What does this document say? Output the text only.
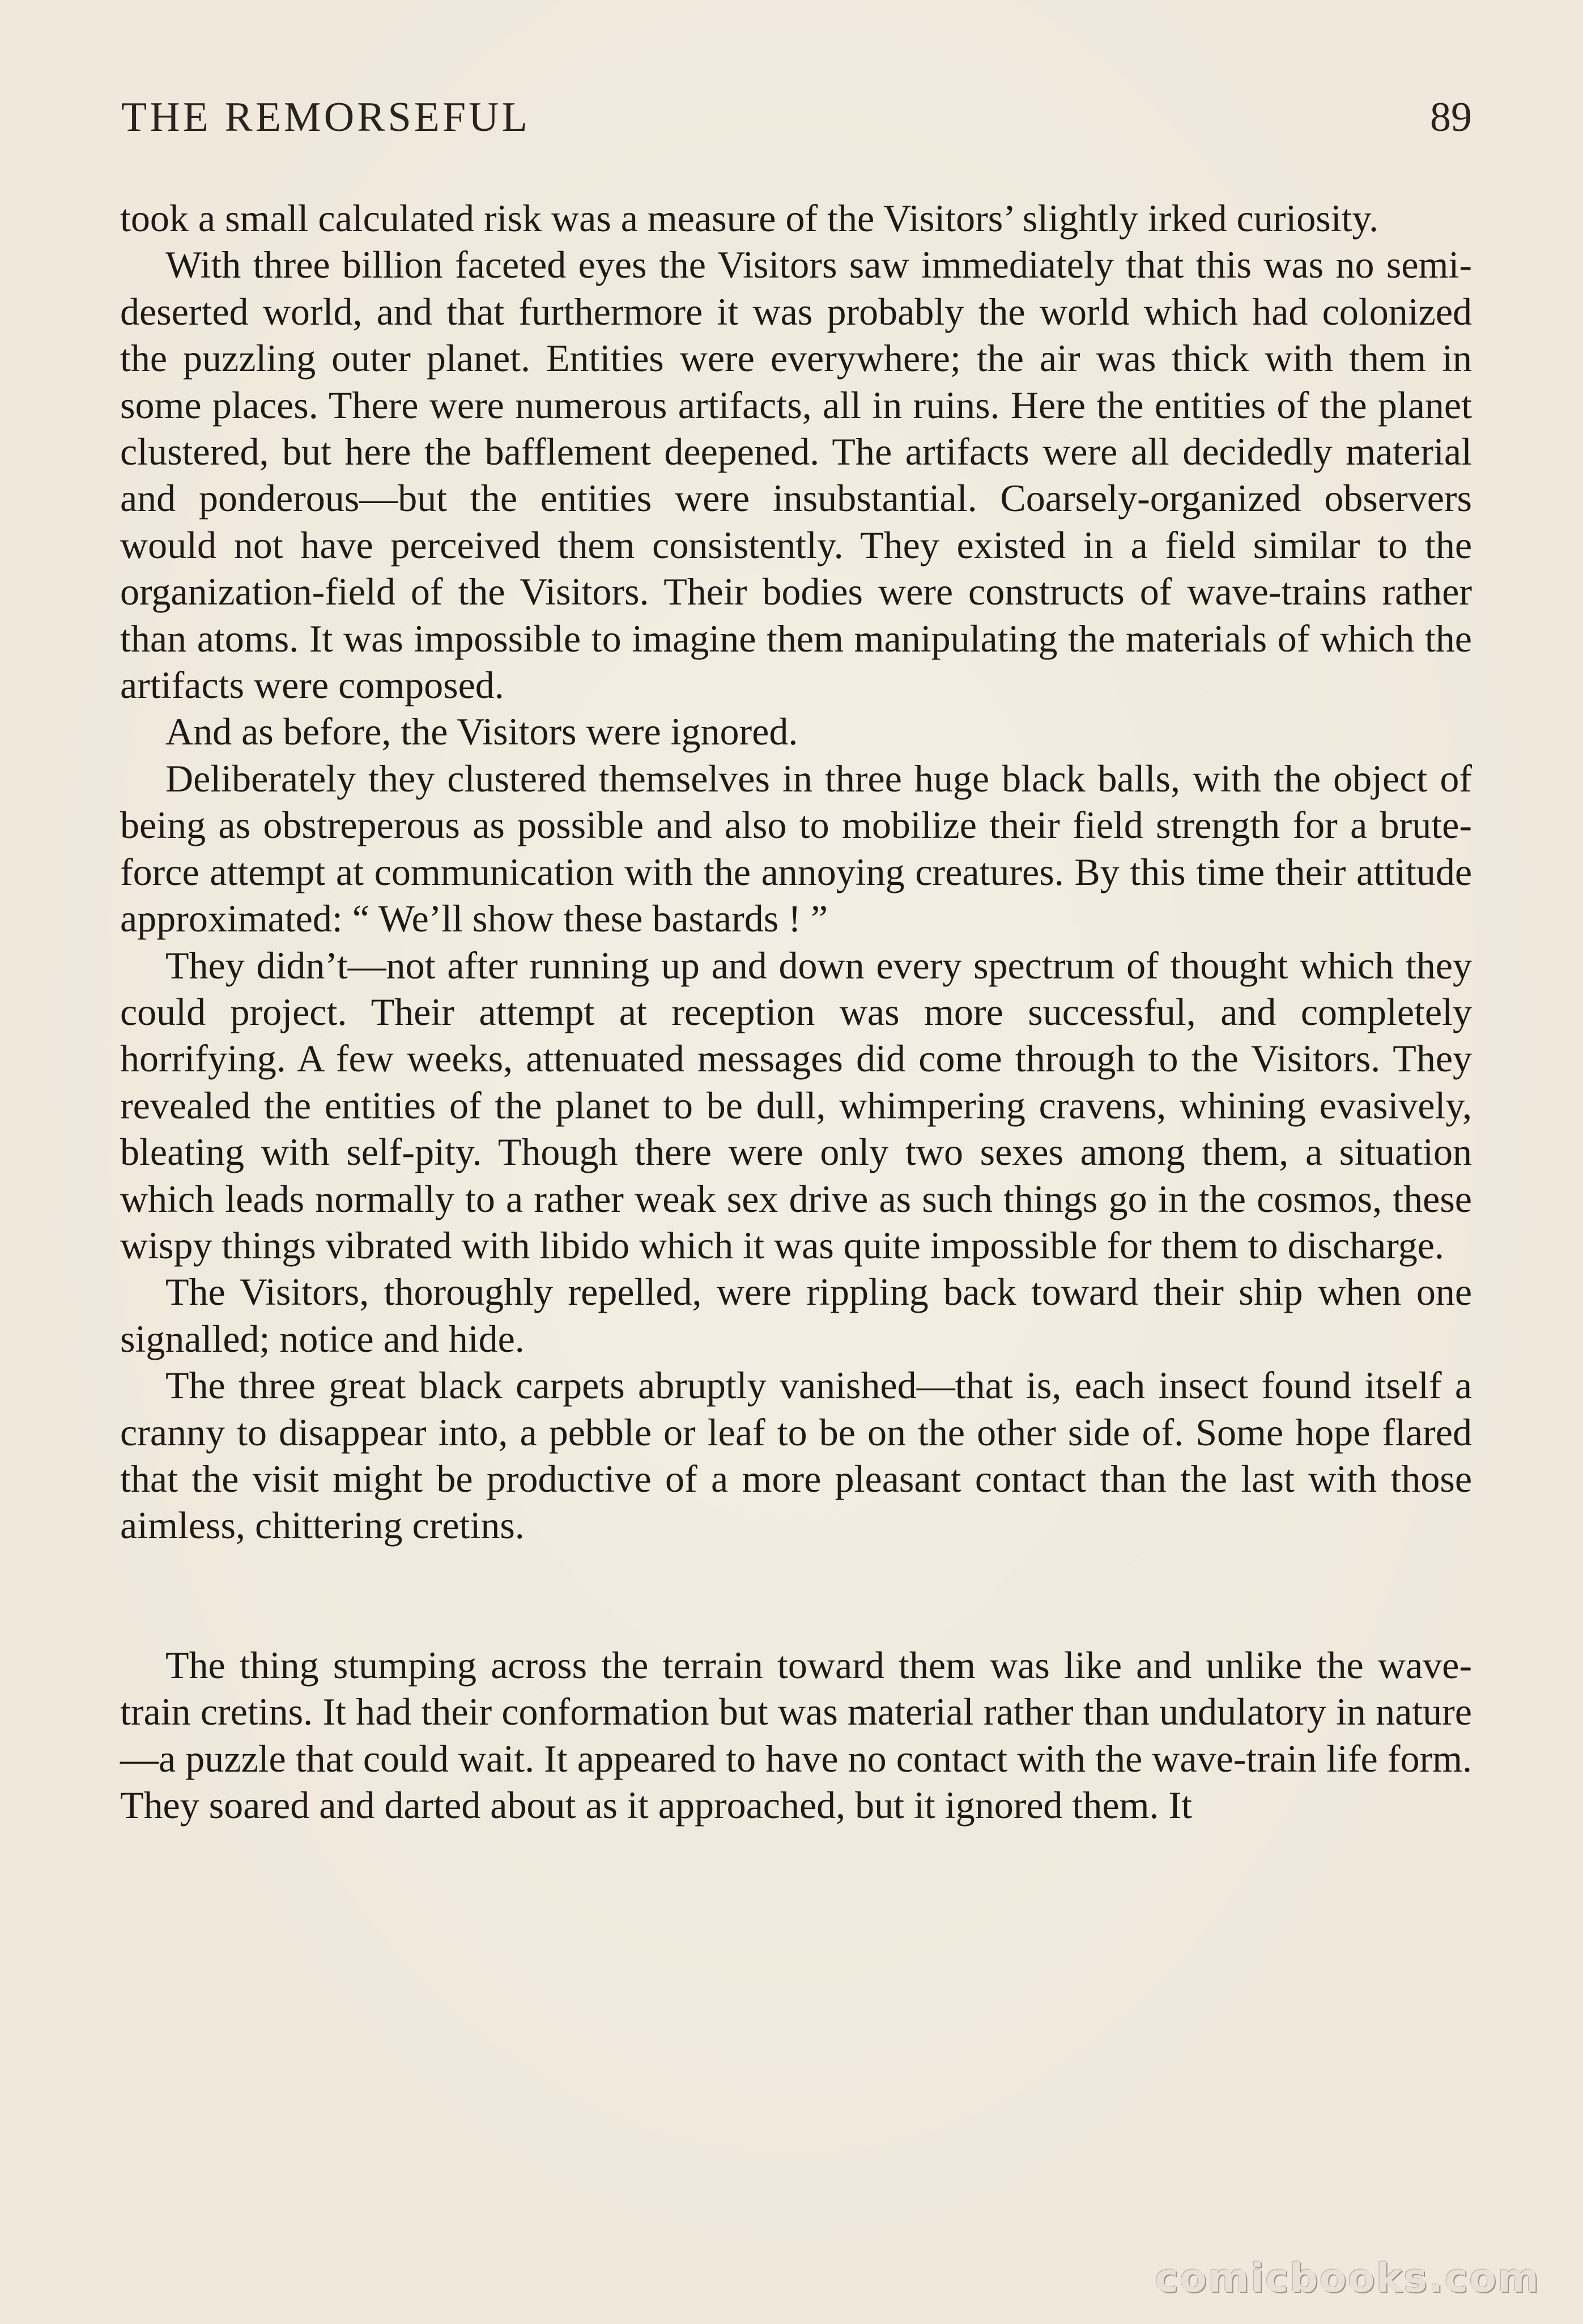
THE REMORSEFUL	89

took a small calculated risk was a measure of the Visitors’ slightly irked curiosity.

With three billion faceted eyes the Visitors saw immediately that this was no semi-deserted world, and that furthermore it was probably the world which had colonized the puzzling outer planet. Entities were everywhere; the air was thick with them in some places. There were numerous artifacts, all in ruins. Here the entities of the planet clustered, but here the bafflement deepened. The artifacts were all decidedly material and ponderous—but the entities were insubstantial. Coarsely-organized observers would not have perceived them consistently. They existed in a field similar to the organization-field of the Visitors. Their bodies were constructs of wave-trains rather than atoms. It was impossible to imagine them manipulating the materials of which the artifacts were composed.

And as before, the Visitors were ignored.

Deliberately they clustered themselves in three huge black balls, with the object of being as obstreperous as possible and also to mobilize their field strength for a brute-force attempt at communication with the annoying creatures. By this time their attitude approximated: “ We’ll show these bastards ! ”

They didn’t—not after running up and down every spectrum of thought which they could project. Their attempt at reception was more successful, and completely horrifying. A few weeks, attenuated messages did come through to the Visitors. They revealed the entities of the planet to be dull, whimpering cravens, whining evasively, bleating with self-pity. Though there were only two sexes among them, a situation which leads normally to a rather weak sex drive as such things go in the cosmos, these wispy things vibrated with libido which it was quite impossible for them to discharge.

The Visitors, thoroughly repelled, were rippling back toward their ship when one signalled; notice and hide.

The three great black carpets abruptly vanished—that is, each insect found itself a cranny to disappear into, a pebble or leaf to be on the other side of. Some hope flared that the visit might be productive of a more pleasant contact than the last with those aimless, chittering cretins.

The thing stumping across the terrain toward them was like and unlike the wave-train cretins. It had their conformation but was material rather than undulatory in nature—a puzzle that could wait. It appeared to have no contact with the wave-train life form. They soared and darted about as it approached, but it ignored them. It

comicbooks.com
